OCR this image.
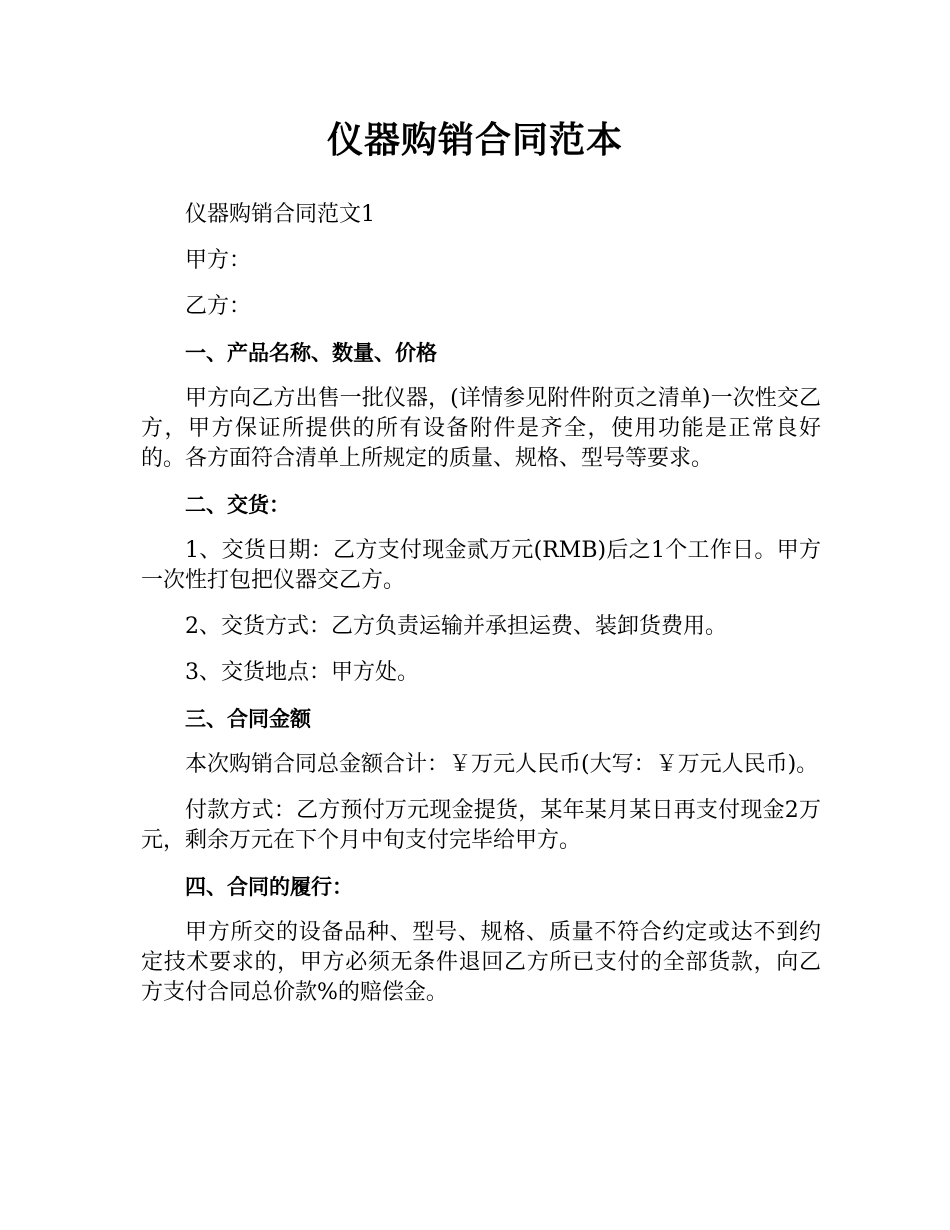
仪器购销合同范本

仪器购销合同范文1

甲方：

乙方：

一、产品名称、数量、价格

甲方向乙方出售一批仪器，(详情参见附件附页之清单)一次性交乙方，甲方保证所提供的所有设备附件是齐全，使用功能是正常良好的。各方面符合清单上所规定的质量、规格、型号等要求。

二、交货：

1、交货日期：乙方支付现金贰万元(RMB)后之1个工作日。甲方一次性打包把仪器交乙方。

2、交货方式：乙方负责运输并承担运费、装卸货费用。

3、交货地点：甲方处。

三、合同金额

本次购销合同总金额合计：￥万元人民币(大写：￥万元人民币)。

付款方式：乙方预付万元现金提货，某年某月某日再支付现金2万元，剩余万元在下个月中旬支付完毕给甲方。

四、合同的履行：

甲方所交的设备品种、型号、规格、质量不符合约定或达不到约定技术要求的，甲方必须无条件退回乙方所已支付的全部货款，向乙方支付合同总价款%的赔偿金。
